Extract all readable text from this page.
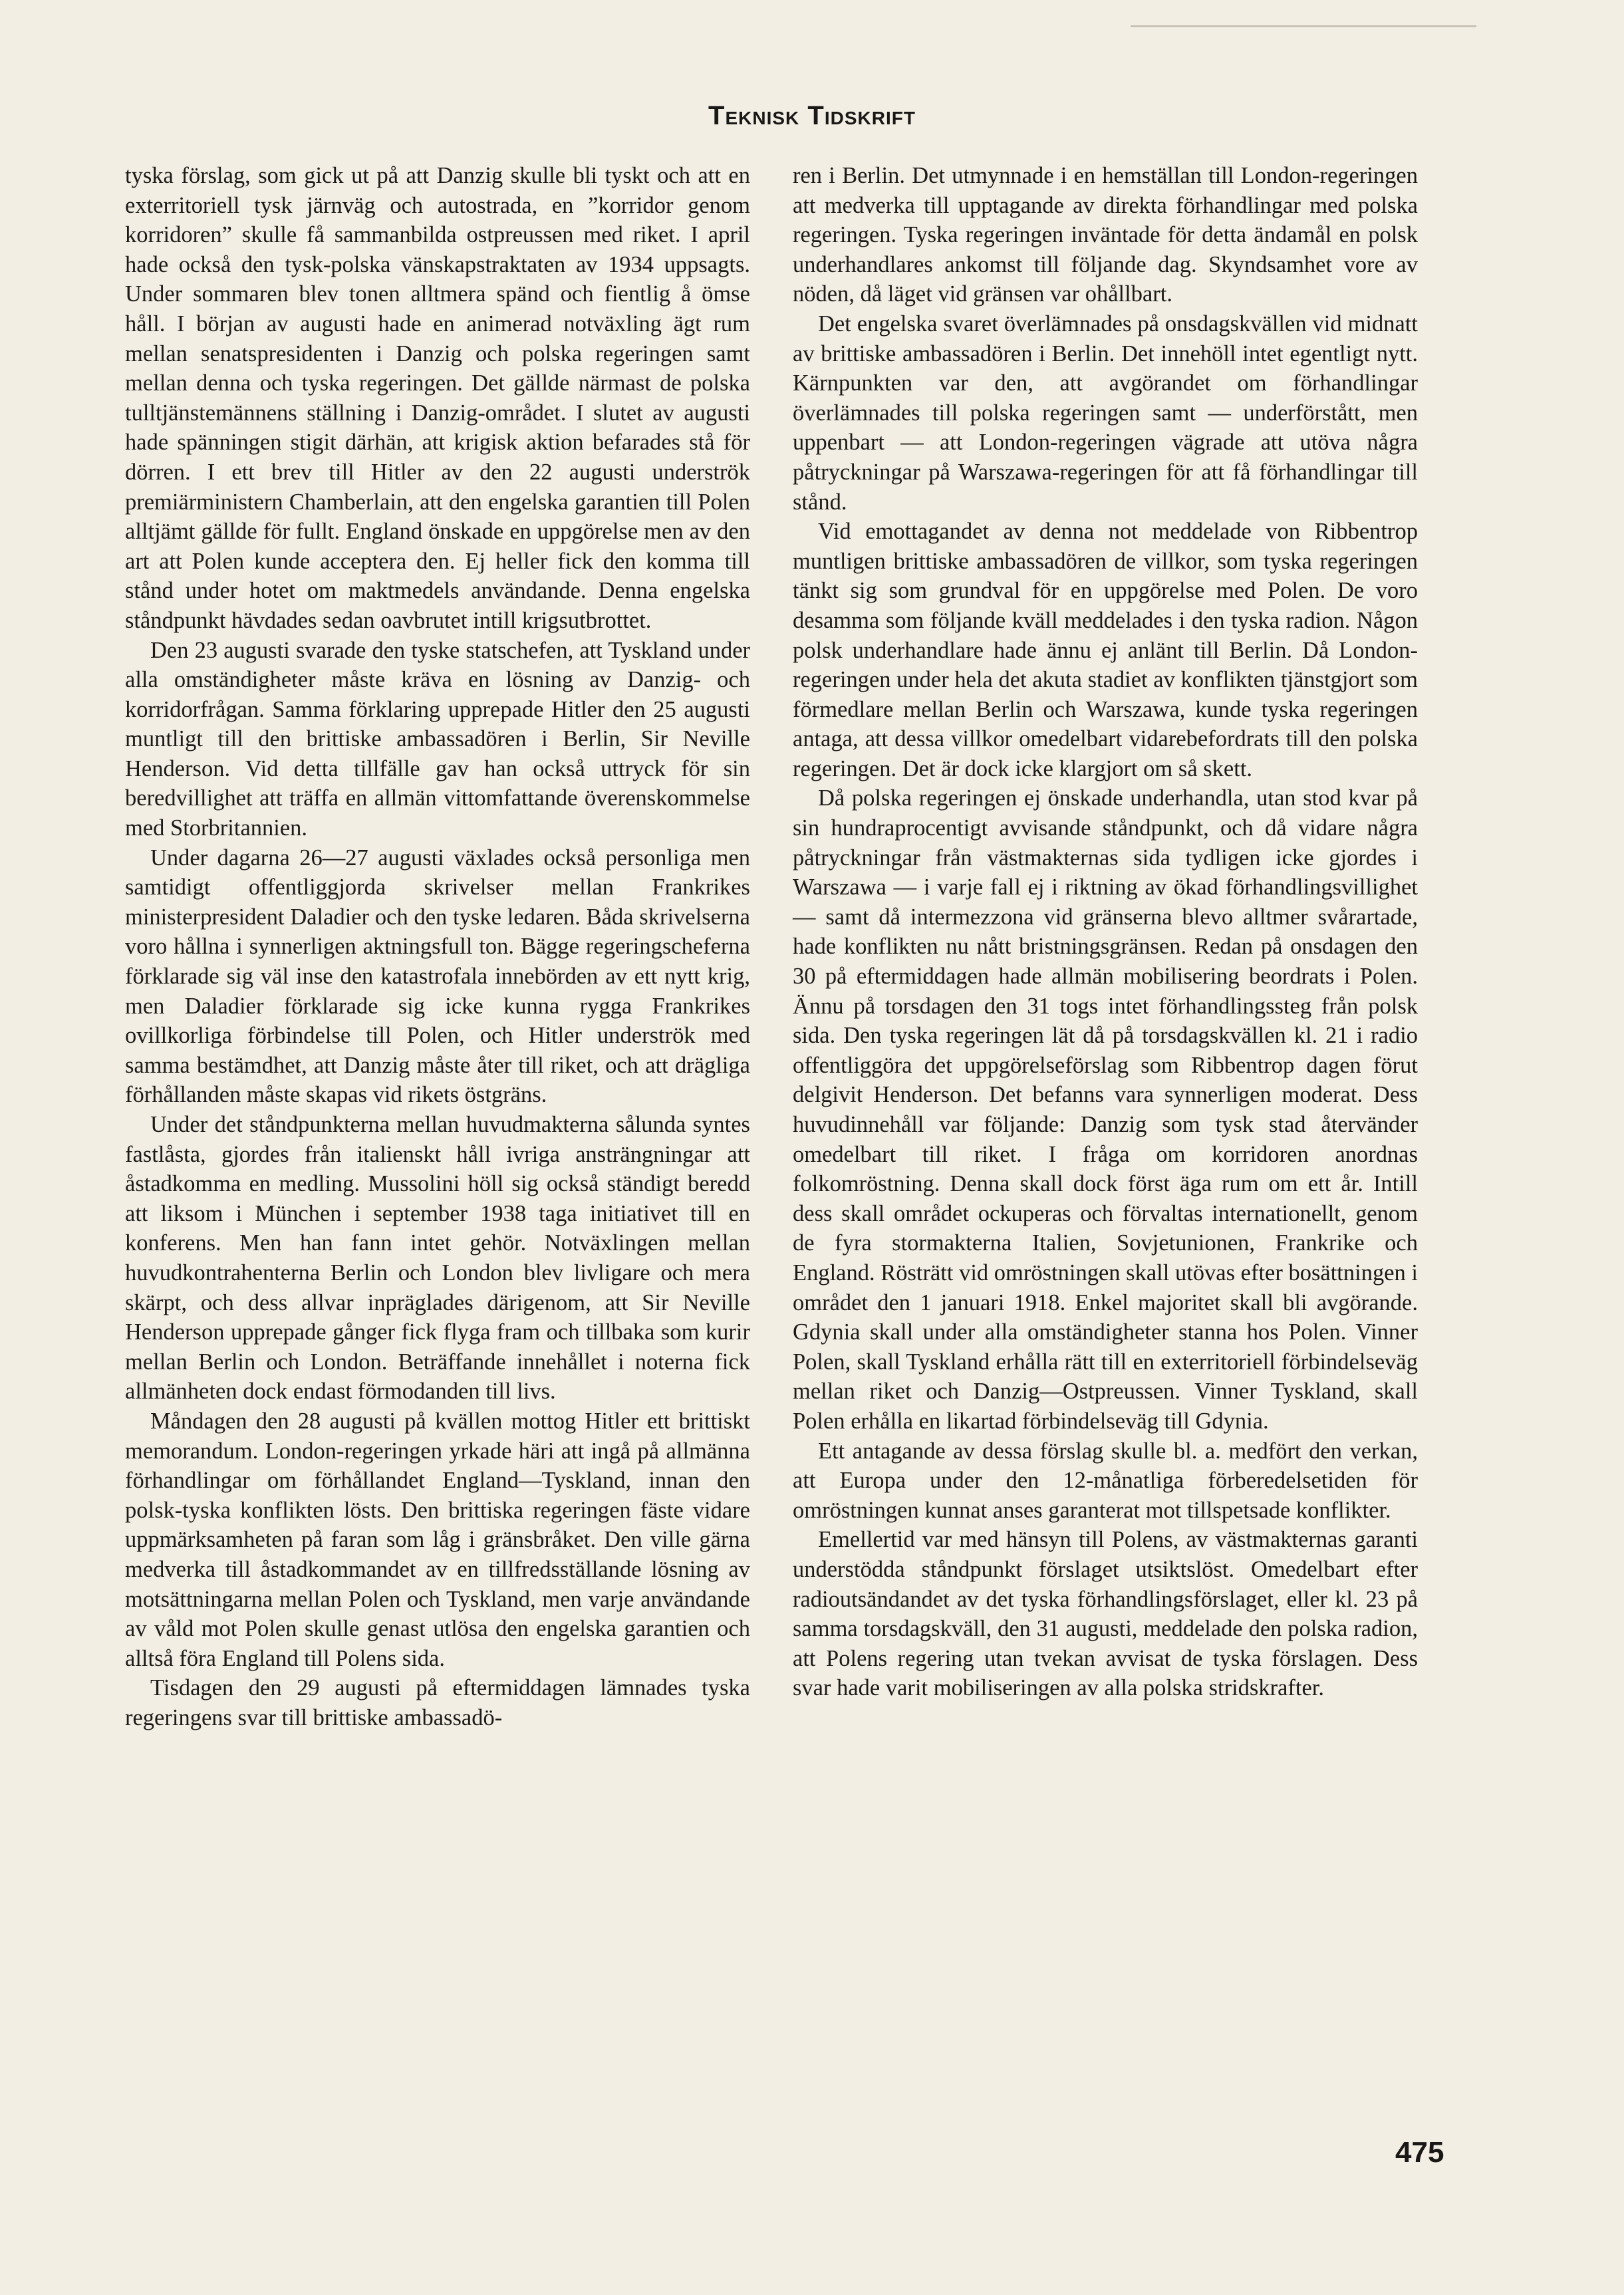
Teknisk Tidskrift

tyska förslag, som gick ut på att Danzig skulle bli tyskt och att en exterritoriell tysk järnväg och autostrada, en ”korridor genom korridoren” skulle få sammanbilda ostpreussen med riket. I april hade också den tysk-polska vänskapstraktaten av 1934 uppsagts. Under sommaren blev tonen alltmera spänd och fientlig å ömse håll. I början av augusti hade en animerad notväxling ägt rum mellan senatspresidenten i Danzig och polska regeringen samt mellan denna och tyska regeringen. Det gällde närmast de polska tulltjänstemännens ställning i Danzig-området. I slutet av augusti hade spänningen stigit därhän, att krigisk aktion befarades stå för dörren. I ett brev till Hitler av den 22 augusti underströk premiärministern Chamberlain, att den engelska garantien till Polen alltjämt gällde för fullt. England önskade en uppgörelse men av den art att Polen kunde acceptera den. Ej heller fick den komma till stånd under hotet om maktmedels användande. Denna engelska ståndpunkt hävdades sedan oavbrutet intill krigsutbrottet.

Den 23 augusti svarade den tyske statschefen, att Tyskland under alla omständigheter måste kräva en lösning av Danzig- och korridorfrågan. Samma förklaring upprepade Hitler den 25 augusti muntligt till den brittiske ambassadören i Berlin, Sir Neville Henderson. Vid detta tillfälle gav han också uttryck för sin beredvillighet att träffa en allmän vittomfattande överenskommelse med Storbritannien.

Under dagarna 26—27 augusti växlades också personliga men samtidigt offentliggjorda skrivelser mellan Frankrikes ministerpresident Daladier och den tyske ledaren. Båda skrivelserna voro hållna i synnerligen aktningsfull ton. Bägge regeringscheferna förklarade sig väl inse den katastrofala innebörden av ett nytt krig, men Daladier förklarade sig icke kunna rygga Frankrikes ovillkorliga förbindelse till Polen, och Hitler underströk med samma bestämdhet, att Danzig måste åter till riket, och att drägliga förhållanden måste skapas vid rikets östgräns.

Under det ståndpunkterna mellan huvudmakterna sålunda syntes fastlåsta, gjordes från italienskt håll ivriga ansträngningar att åstadkomma en medling. Mussolini höll sig också ständigt beredd att liksom i München i september 1938 taga initiativet till en konferens. Men han fann intet gehör. Notväxlingen mellan huvudkontrahenterna Berlin och London blev livligare och mera skärpt, och dess allvar inpräglades därigenom, att Sir Neville Henderson upprepade gånger fick flyga fram och tillbaka som kurir mellan Berlin och London. Beträffande innehållet i noterna fick allmänheten dock endast förmodanden till livs.

Måndagen den 28 augusti på kvällen mottog Hitler ett brittiskt memorandum. London-regeringen yrkade häri att ingå på allmänna förhandlingar om förhållandet England—Tyskland, innan den polsk-tyska konflikten lösts. Den brittiska regeringen fäste vidare uppmärksamheten på faran som låg i gränsbråket. Den ville gärna medverka till åstadkommandet av en tillfredsställande lösning av motsättningarna mellan Polen och Tyskland, men varje användande av våld mot Polen skulle genast utlösa den engelska garantien och alltså föra England till Polens sida.

Tisdagen den 29 augusti på eftermiddagen lämnades tyska regeringens svar till brittiske ambassadö-

ren i Berlin. Det utmynnade i en hemställan till London-regeringen att medverka till upptagande av direkta förhandlingar med polska regeringen. Tyska regeringen inväntade för detta ändamål en polsk underhandlares ankomst till följande dag. Skyndsamhet vore av nöden, då läget vid gränsen var ohållbart.

Det engelska svaret överlämnades på onsdagskvällen vid midnatt av brittiske ambassadören i Berlin. Det innehöll intet egentligt nytt. Kärnpunkten var den, att avgörandet om förhandlingar överlämnades till polska regeringen samt — underförstått, men uppenbart — att London-regeringen vägrade att utöva några påtryckningar på Warszawa-regeringen för att få förhandlingar till stånd.

Vid emottagandet av denna not meddelade von Ribbentrop muntligen brittiske ambassadören de villkor, som tyska regeringen tänkt sig som grundval för en uppgörelse med Polen. De voro desamma som följande kväll meddelades i den tyska radion. Någon polsk underhandlare hade ännu ej anlänt till Berlin. Då London-regeringen under hela det akuta stadiet av konflikten tjänstgjort som förmedlare mellan Berlin och Warszawa, kunde tyska regeringen antaga, att dessa villkor omedelbart vidarebefordrats till den polska regeringen. Det är dock icke klargjort om så skett.

Då polska regeringen ej önskade underhandla, utan stod kvar på sin hundraprocentigt avvisande ståndpunkt, och då vidare några påtryckningar från västmakternas sida tydligen icke gjordes i Warszawa — i varje fall ej i riktning av ökad förhandlingsvillighet — samt då intermezzona vid gränserna blevo alltmer svårartade, hade konflikten nu nått bristningsgränsen. Redan på onsdagen den 30 på eftermiddagen hade allmän mobilisering beordrats i Polen. Ännu på torsdagen den 31 togs intet förhandlingssteg från polsk sida. Den tyska regeringen lät då på torsdagskvällen kl. 21 i radio offentliggöra det uppgörelseförslag som Ribbentrop dagen förut delgivit Henderson. Det befanns vara synnerligen moderat. Dess huvudinnehåll var följande: Danzig som tysk stad återvänder omedelbart till riket. I fråga om korridoren anordnas folkomröstning. Denna skall dock först äga rum om ett år. Intill dess skall området ockuperas och förvaltas internationellt, genom de fyra stormakterna Italien, Sovjetunionen, Frankrike och England. Rösträtt vid omröstningen skall utövas efter bosättningen i området den 1 januari 1918. Enkel majoritet skall bli avgörande. Gdynia skall under alla omständigheter stanna hos Polen. Vinner Polen, skall Tyskland erhålla rätt till en exterritoriell förbindelseväg mellan riket och Danzig—Ostpreussen. Vinner Tyskland, skall Polen erhålla en likartad förbindelseväg till Gdynia.

Ett antagande av dessa förslag skulle bl. a. medfört den verkan, att Europa under den 12-månatliga förberedelsetiden för omröstningen kunnat anses garanterat mot tillspetsade konflikter.

Emellertid var med hänsyn till Polens, av västmakternas garanti understödda ståndpunkt förslaget utsiktslöst. Omedelbart efter radioutsändandet av det tyska förhandlingsförslaget, eller kl. 23 på samma torsdagskväll, den 31 augusti, meddelade den polska radion, att Polens regering utan tvekan avvisat de tyska förslagen. Dess svar hade varit mobiliseringen av alla polska stridskrafter.

475
